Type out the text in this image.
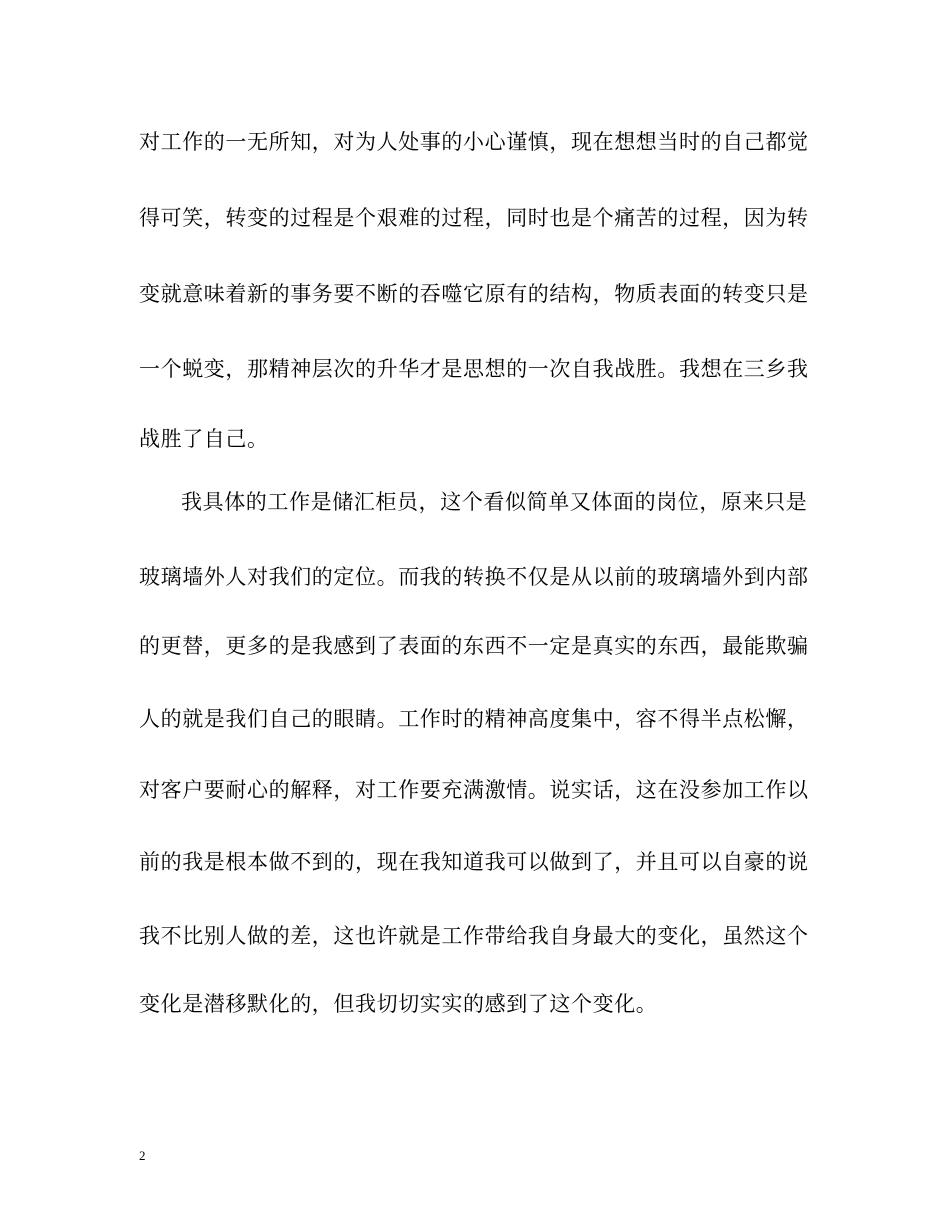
对工作的一无所知，对为人处事的小心谨慎，现在想想当时的自己都觉
得可笑，转变的过程是个艰难的过程，同时也是个痛苦的过程，因为转
变就意味着新的事务要不断的吞噬它原有的结构，物质表面的转变只是
一个蜕变，那精神层次的升华才是思想的一次自我战胜。我想在三乡我
战胜了自己。
我具体的工作是储汇柜员，这个看似简单又体面的岗位，原来只是
玻璃墙外人对我们的定位。而我的转换不仅是从以前的玻璃墙外到内部
的更替，更多的是我感到了表面的东西不一定是真实的东西，最能欺骗
人的就是我们自己的眼睛。工作时的精神高度集中，容不得半点松懈，
对客户要耐心的解释，对工作要充满激情。说实话，这在没参加工作以
前的我是根本做不到的，现在我知道我可以做到了，并且可以自豪的说
我不比别人做的差，这也许就是工作带给我自身最大的变化，虽然这个
变化是潜移默化的，但我切切实实的感到了这个变化。
2
